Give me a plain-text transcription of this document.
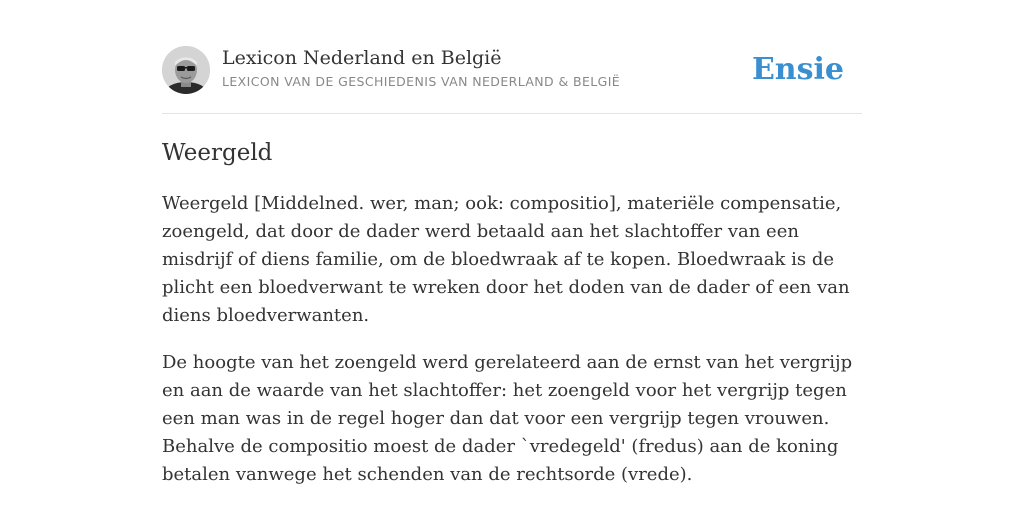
Lexicon Nederland en België
LEXICON VAN DE GESCHIEDENIS VAN NEDERLAND & BELGIË	Ensie
Weergeld

Weergeld [Middelned. wer, man; ook: compositio], materiële compensatie, zoengeld, dat door de dader werd betaald aan het slachtoffer van een misdrijf of diens familie, om de bloedwraak af te kopen. Bloedwraak is de plicht een bloedverwant te wreken door het doden van de dader of een van diens bloedverwanten.

De hoogte van het zoengeld werd gerelateerd aan de ernst van het vergrijp en aan de waarde van het slachtoffer: het zoengeld voor het vergrijp tegen een man was in de regel hoger dan dat voor een vergrijp tegen vrouwen. Behalve de compositio moest de dader `vredegeld' (fredus) aan de koning betalen vanwege het schenden van de rechtsorde (vrede).
